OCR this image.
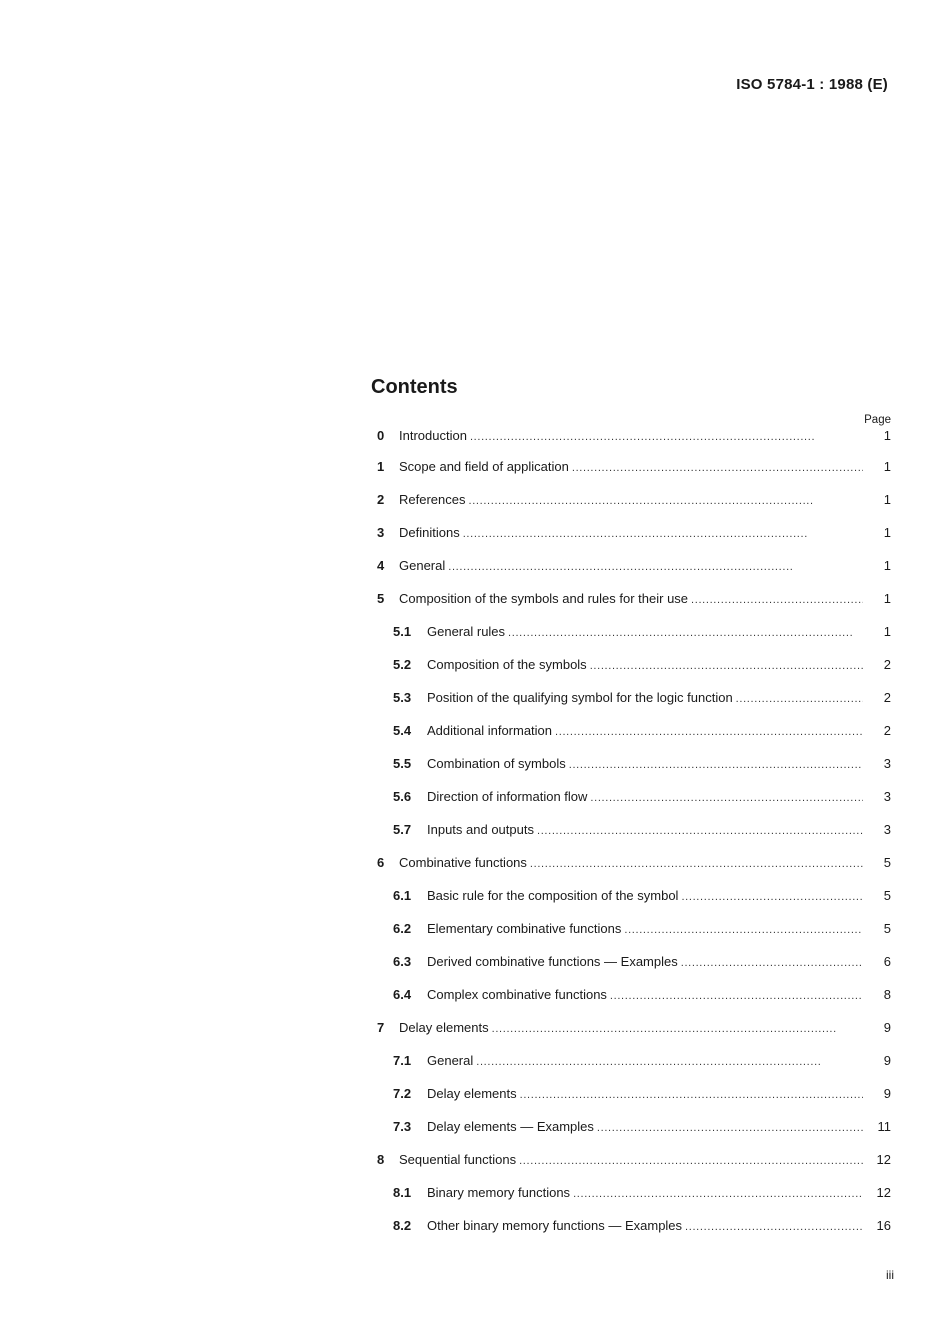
ISO 5784-1 : 1988 (E)
Contents
Page
0	Introduction . . .	1
1	Scope and field of application . . .	1
2	References . . .	1
3	Definitions . . .	1
4	General . . .	1
5	Composition of the symbols and rules for their use . . .	1
5.1	General rules . . .	1
5.2	Composition of the symbols . . .	2
5.3	Position of the qualifying symbol for the logic function . . .	2
5.4	Additional information . . .	2
5.5	Combination of symbols . . .	3
5.6	Direction of information flow . . .	3
5.7	Inputs and outputs . . .	3
6	Combinative functions . . .	5
6.1	Basic rule for the composition of the symbol . . .	5
6.2	Elementary combinative functions . . .	5
6.3	Derived combinative functions — Examples . . .	6
6.4	Complex combinative functions . . .	8
7	Delay elements . . .	9
7.1	General . . .	9
7.2	Delay elements . . .	9
7.3	Delay elements — Examples . . .	11
8	Sequential functions . . .	12
8.1	Binary memory functions . . .	12
8.2	Other binary memory functions — Examples . . .	16
iii
